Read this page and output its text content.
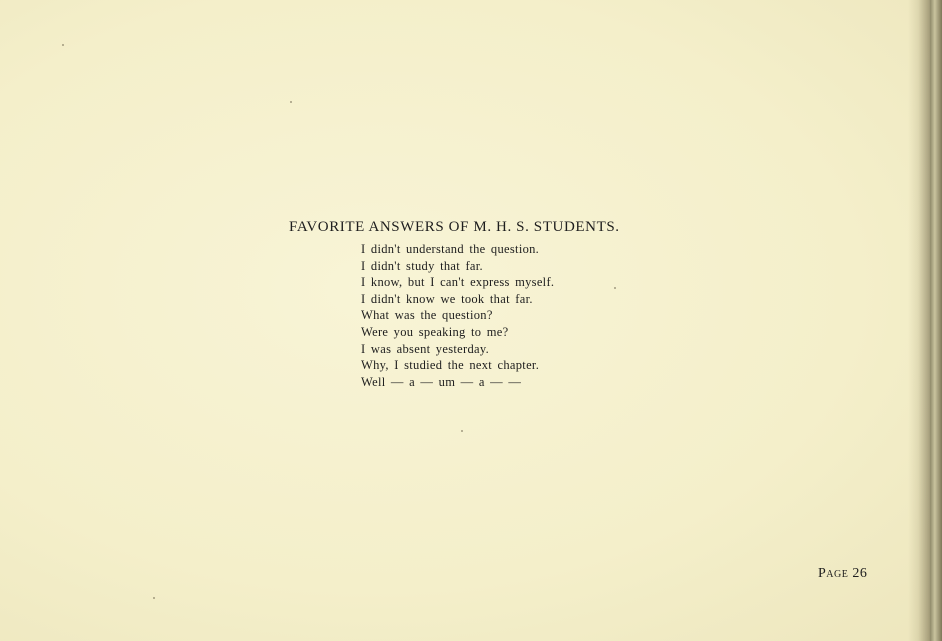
FAVORITE ANSWERS OF M. H. S. STUDENTS.
I didn't understand the question.
I didn't study that far.
I know, but I can't express myself.
I didn't know we took that far.
What was the question?
Were you speaking to me?
I was absent yesterday.
Why, I studied the next chapter.
Well — a — um — a — —
Page 26
